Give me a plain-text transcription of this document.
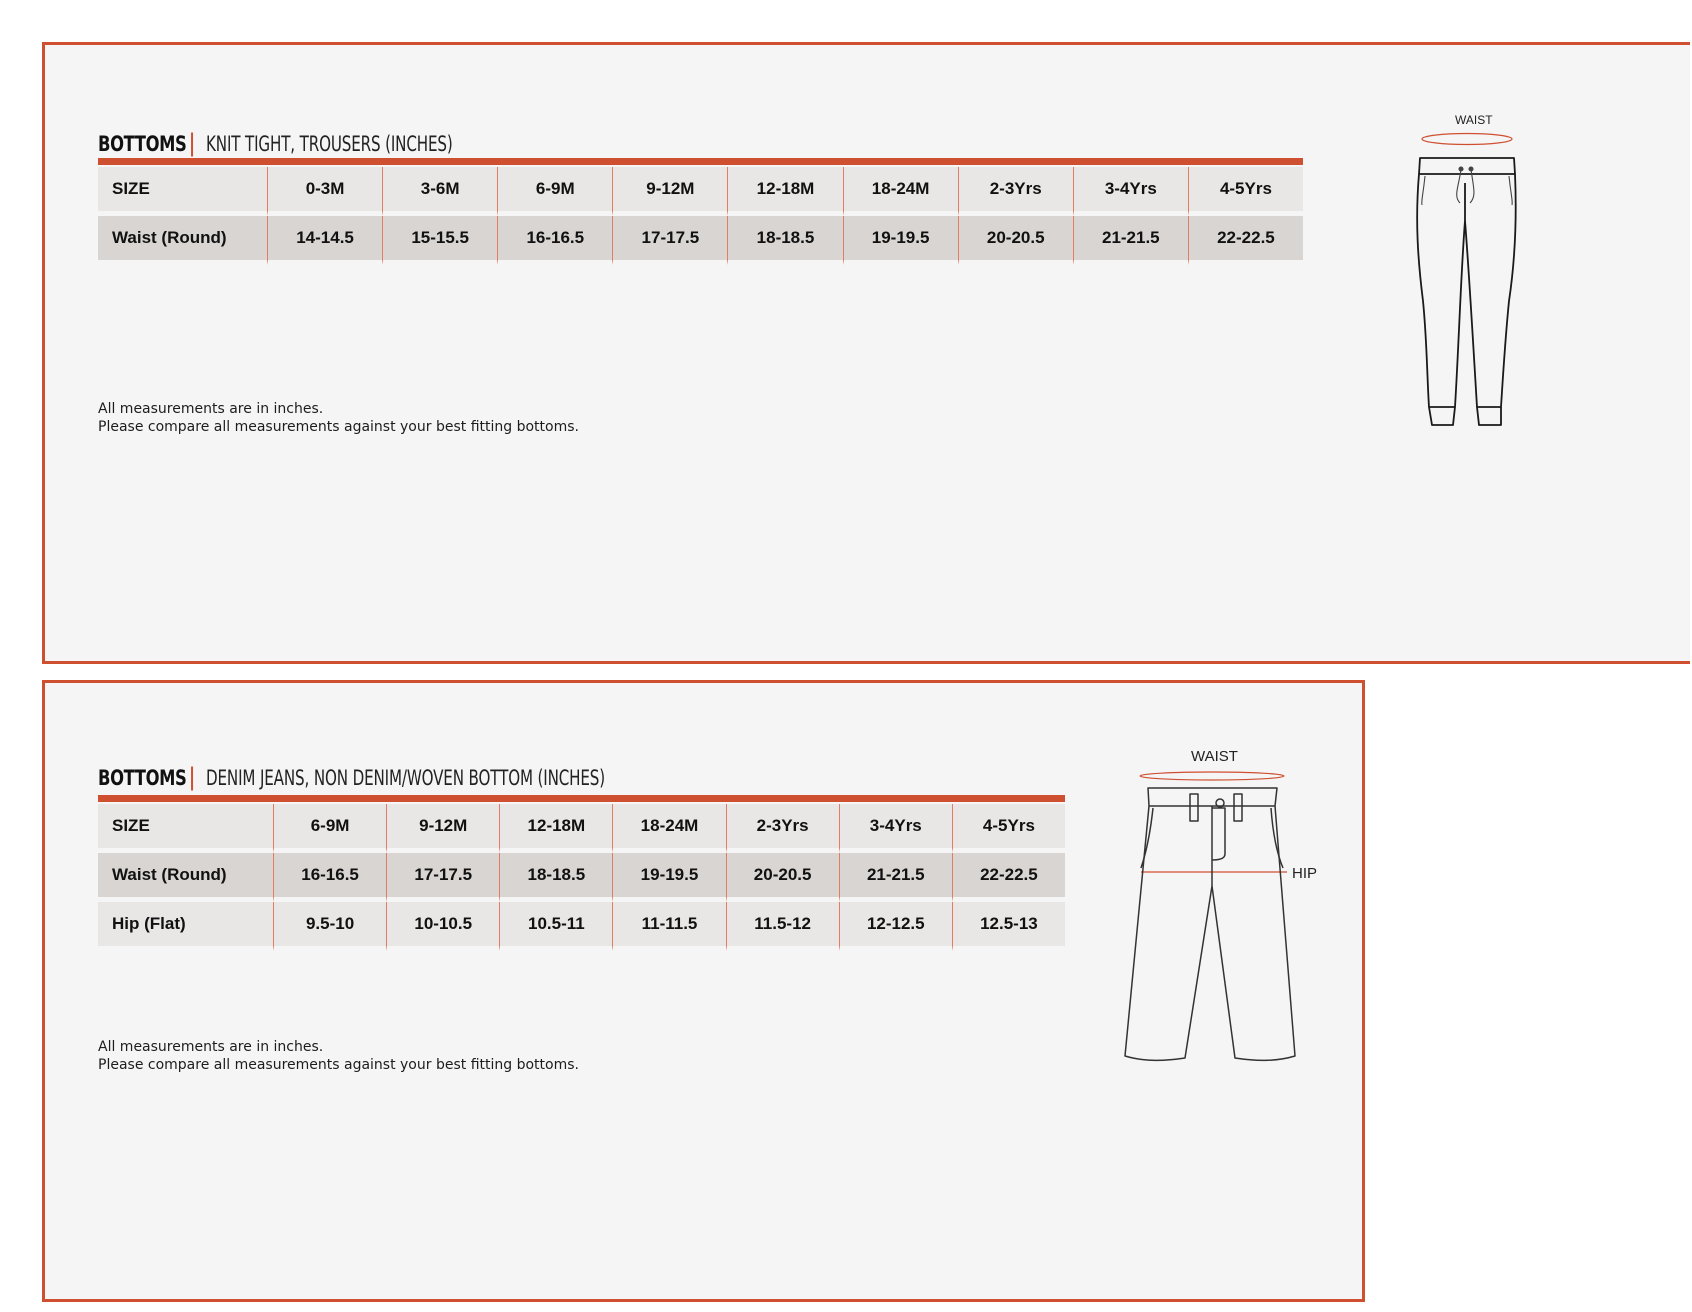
BOTTOMS | KNIT TIGHT, TROUSERS (INCHES)
SIZE	0-3M	3-6M	6-9M	9-12M	12-18M	18-24M	2-3Yrs	3-4Yrs	4-5Yrs
Waist (Round)	14-14.5	15-15.5	16-16.5	17-17.5	18-18.5	19-19.5	20-20.5	21-21.5	22-22.5
All measurements are in inches.
Please compare all measurements against your best fitting bottoms.
WAIST
BOTTOMS | DENIM JEANS, NON DENIM/WOVEN BOTTOM (INCHES)
SIZE	6-9M	9-12M	12-18M	18-24M	2-3Yrs	3-4Yrs	4-5Yrs
Waist (Round)	16-16.5	17-17.5	18-18.5	19-19.5	20-20.5	21-21.5	22-22.5
Hip (Flat)	9.5-10	10-10.5	10.5-11	11-11.5	11.5-12	12-12.5	12.5-13
All measurements are in inches.
Please compare all measurements against your best fitting bottoms.
WAIST
HIP
